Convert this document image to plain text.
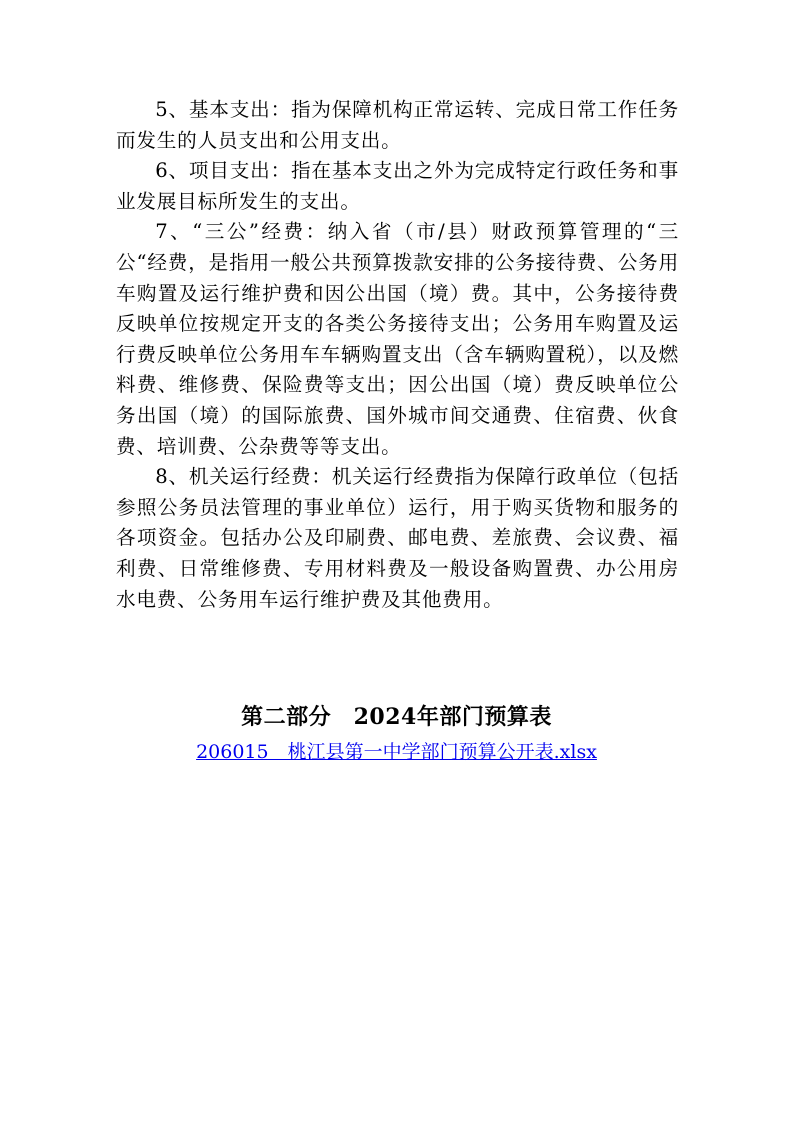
5、基本支出：指为保障机构正常运转、完成日常工作任务而发生的人员支出和公用支出。

6、项目支出：指在基本支出之外为完成特定行政任务和事业发展目标所发生的支出。

7、“三公”经费：纳入省（市/县）财政预算管理的“三公“经费，是指用一般公共预算拨款安排的公务接待费、公务用车购置及运行维护费和因公出国（境）费。其中，公务接待费反映单位按规定开支的各类公务接待支出；公务用车购置及运行费反映单位公务用车车辆购置支出（含车辆购置税），以及燃料费、维修费、保险费等支出；因公出国（境）费反映单位公务出国（境）的国际旅费、国外城市间交通费、住宿费、伙食费、培训费、公杂费等等支出。

8、机关运行经费：机关运行经费指为保障行政单位（包括参照公务员法管理的事业单位）运行，用于购买货物和服务的各项资金。包括办公及印刷费、邮电费、差旅费、会议费、福利费、日常维修费、专用材料费及一般设备购置费、办公用房水电费、公务用车运行维护费及其他费用。

第二部分　2024年部门预算表
206015　桃江县第一中学部门预算公开表.xlsx
